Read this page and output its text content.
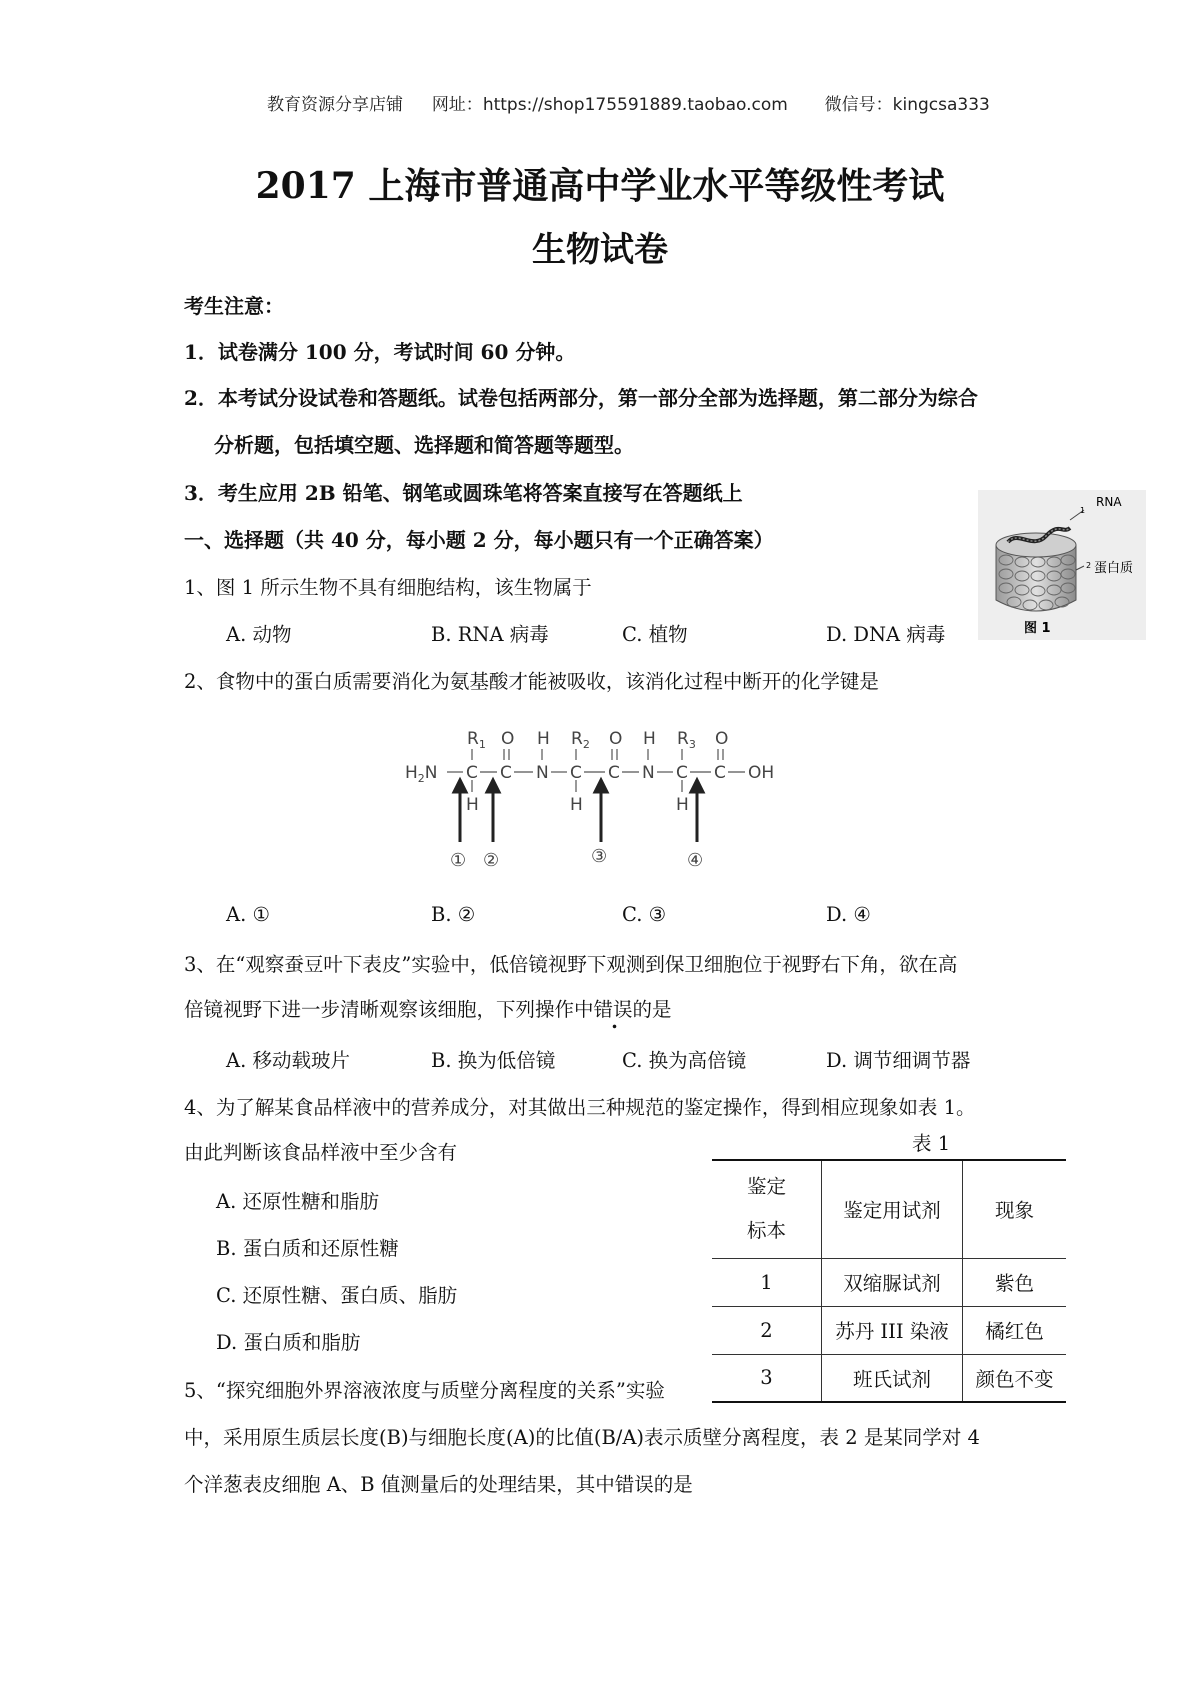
教育资源分享店铺 网址：https://shop175591889.taobao.com 微信号：kingcsa333
2017 上海市普通高中学业水平等级性考试
生物试卷
考生注意：
1．试卷满分 100 分，考试时间 60 分钟。
2．本考试分设试卷和答题纸。试卷包括两部分，第一部分全部为选择题，第二部分为综合
分析题，包括填空题、选择题和简答题等题型。
3．考生应用 2B 铅笔、钢笔或圆珠笔将答案直接写在答题纸上
一、选择题（共 40 分，每小题 2 分，每小题只有一个正确答案）
1
2
RNA
蛋白质
图 1
1、图 1 所示生物不具有细胞结构，该生物属于
A. 动物	B. RNA 病毒	C. 植物	D. DNA 病毒
2、食物中的蛋白质需要消化为氨基酸才能被吸收，该消化过程中断开的化学键是
$R_1$ O H $R_2$ O H $R_3$ O
$H_2N$ C C N C C N C C OH
H	H	H
① ②	③	④
A. ①	B. ②	C. ③	D. ④
3、在“观察蚕豆叶下表皮”实验中，低倍镜视野下观测到保卫细胞位于视野右下角，欲在高
倍镜视野下进一步清晰观察该细胞，下列操作中错误的是
A. 移动载玻片	B. 换为低倍镜	C. 换为高倍镜	D. 调节细调节器
4、为了解某食品样液中的营养成分，对其做出三种规范的鉴定操作，得到相应现象如表 1。
由此判断该食品样液中至少含有
A. 还原性糖和脂肪
B. 蛋白质和还原性糖
C. 还原性糖、蛋白质、脂肪
D. 蛋白质和脂肪
表 1
鉴定
标本	鉴定用试剂	现象
1	双缩脲试剂	紫色
2	苏丹 III 染液	橘红色
3	班氏试剂	颜色不变
5、“探究细胞外界溶液浓度与质壁分离程度的关系”实验
中，采用原生质层长度(B)与细胞长度(A)的比值(B/A)表示质壁分离程度，表 2 是某同学对 4
个洋葱表皮细胞 A、B 值测量后的处理结果，其中错误的是
